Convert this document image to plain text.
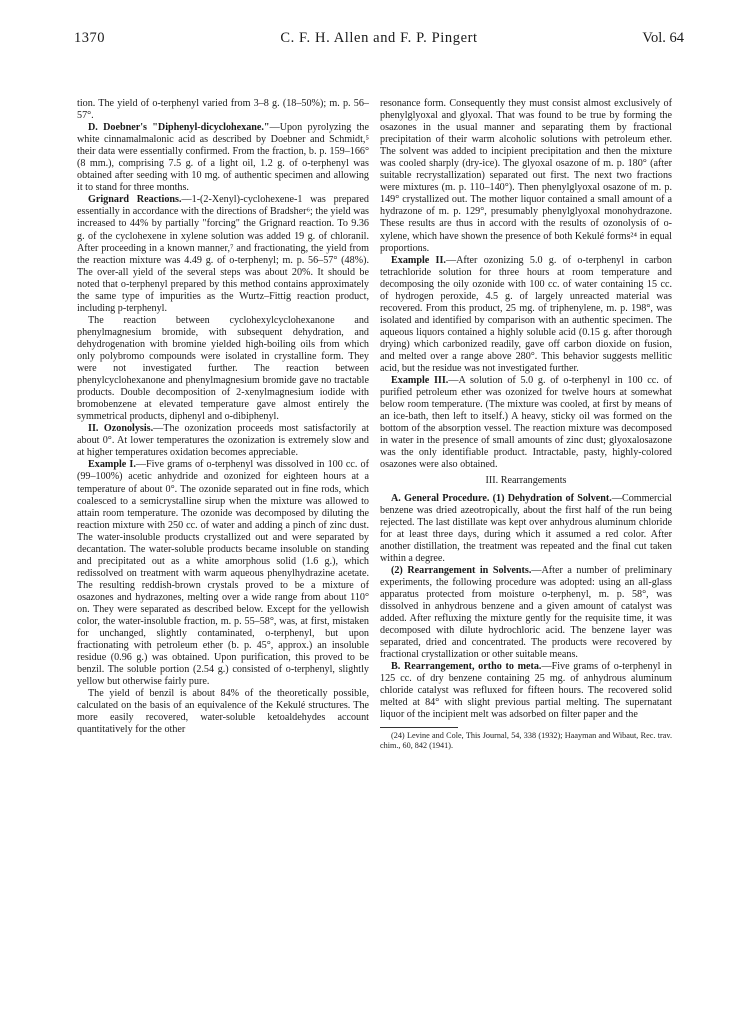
1370	C. F. H. Allen and F. P. Pingert	Vol. 64

tion. The yield of o-terphenyl varied from 3–8 g. (18–50%); m. p. 56–57°.

D. Doebner's "Diphenyl-dicyclohexane."—Upon pyrolyzing the white cinnamalmalonic acid as described by Doebner and Schmidt,⁵ their data were essentially confirmed. From the fraction, b. p. 159–166° (8 mm.), comprising 7.5 g. of a light oil, 1.2 g. of o-terphenyl was obtained after seeding with 10 mg. of authentic specimen and allowing it to stand for three months.

Grignard Reactions.—1-(2-Xenyl)-cyclohexene-1 was prepared essentially in accordance with the directions of Bradsher⁶; the yield was increased to 44% by partially "forcing" the Grignard reaction. To 9.36 g. of the cyclohexene in xylene solution was added 19 g. of chloranil. After proceeding in a known manner,⁷ and fractionating, the yield from the reaction mixture was 4.49 g. of o-terphenyl; m. p. 56–57° (48%). The over-all yield of the several steps was about 20%. It should be noted that o-terphenyl prepared by this method contains approximately the same type of impurities as the Wurtz–Fittig reaction product, including p-terphenyl.

The reaction between cyclohexylcyclohexanone and phenylmagnesium bromide, with subsequent dehydration, and dehydrogenation with bromine yielded high-boiling oils from which only polybromo compounds were isolated in crystalline form. They were not investigated further. The reaction between phenylcyclohexanone and phenylmagnesium bromide gave no tractable products. Double decomposition of 2-xenylmagnesium iodide with bromobenzene at elevated temperature gave almost entirely the symmetrical products, diphenyl and o-dibiphenyl.

II. Ozonolysis.—The ozonization proceeds most satisfactorily at about 0°. At lower temperatures the ozonization is extremely slow and at higher temperatures oxidation becomes appreciable.

Example I.—Five grams of o-terphenyl was dissolved in 100 cc. of (99–100%) acetic anhydride and ozonized for eighteen hours at a temperature of about 0°. The ozonide separated out in fine rods, which coalesced to a semicrystalline sirup when the mixture was allowed to attain room temperature. The ozonide was decomposed by diluting the reaction mixture with 250 cc. of water and adding a pinch of zinc dust. The water-insoluble products crystallized out and were separated by decantation. The water-soluble products became insoluble on standing and precipitated out as a white amorphous solid (1.6 g.), which redissolved on treatment with warm aqueous phenylhydrazine acetate. The resulting reddish-brown crystals proved to be a mixture of osazones and hydrazones, melting over a wide range from about 110° on. They were separated as described below. Except for the yellowish color, the water-insoluble fraction, m. p. 55–58°, was, at first, mistaken for unchanged, slightly contaminated, o-terphenyl, but upon fractionating with petroleum ether (b. p. 45°, approx.) an insoluble residue (0.96 g.) was obtained. Upon purification, this proved to be benzil. The soluble portion (2.54 g.) consisted of o-terphenyl, slightly yellow but otherwise fairly pure.

The yield of benzil is about 84% of the theoretically possible, calculated on the basis of an equivalence of the Kekulé structures. The more easily recovered, water-soluble ketoaldehydes account quantitatively for the other

resonance form. Consequently they must consist almost exclusively of phenylglyoxal and glyoxal. That was found to be true by forming the osazones in the usual manner and separating them by fractional precipitation of their warm alcoholic solutions with petroleum ether. The solvent was added to incipient precipitation and then the mixture was cooled sharply (dry-ice). The glyoxal osazone of m. p. 180° (after suitable recrystallization) separated out first. The next two fractions were mixtures (m. p. 110–140°). Then phenylglyoxal osazone of m. p. 149° crystallized out. The mother liquor contained a small amount of a hydrazone of m. p. 129°, presumably phenylglyoxal monohydrazone. These results are thus in accord with the results of ozonolysis of o-xylene, which have shown the presence of both Kekulé forms²⁴ in equal proportions.

Example II.—After ozonizing 5.0 g. of o-terphenyl in carbon tetrachloride solution for three hours at room temperature and decomposing the oily ozonide with 100 cc. of water containing 15 cc. of hydrogen peroxide, 4.5 g. of largely unreacted material was recovered. From this product, 25 mg. of triphenylene, m. p. 198°, was isolated and identified by comparison with an authentic specimen. The aqueous liquors contained a highly soluble acid (0.15 g. after thorough drying) which carbonized readily, gave off carbon dioxide on fusion, and melted over a range above 280°. This behavior suggests mellitic acid, but the residue was not investigated further.

Example III.—A solution of 5.0 g. of o-terphenyl in 100 cc. of purified petroleum ether was ozonized for twelve hours at somewhat below room temperature. (The mixture was cooled, at first by means of an ice-bath, then left to itself.) A heavy, sticky oil was formed on the bottom of the absorption vessel. The reaction mixture was decomposed in water in the presence of small amounts of zinc dust; glyoxalosazone was the only identifiable product. Intractable, pasty, highly-colored osazones were also obtained.

III. Rearrangements

A. General Procedure. (1) Dehydration of Solvent.—Commercial benzene was dried azeotropically, about the first half of the run being rejected. The last distillate was kept over anhydrous aluminum chloride for at least three days, during which it assumed a red color. After another distillation, the treatment was repeated and the final cut taken within a degree.

(2) Rearrangement in Solvents.—After a number of preliminary experiments, the following procedure was adopted: using an all-glass apparatus protected from moisture o-terphenyl, m. p. 58°, was dissolved in anhydrous benzene and a given amount of catalyst was added. After refluxing the mixture gently for the requisite time, it was decomposed with dilute hydrochloric acid. The benzene layer was separated, dried and concentrated. The products were recovered by fractional crystallization or other suitable means.

B. Rearrangement, ortho to meta.—Five grams of o-terphenyl in 125 cc. of dry benzene containing 25 mg. of anhydrous aluminum chloride catalyst was refluxed for fifteen hours. The recovered solid melted at 84° with slight previous partial melting. The supernatant liquor of the incipient melt was adsorbed on filter paper and the

(24) Levine and Cole, This Journal, 54, 338 (1932); Haayman and Wibaut, Rec. trav. chim., 60, 842 (1941).
